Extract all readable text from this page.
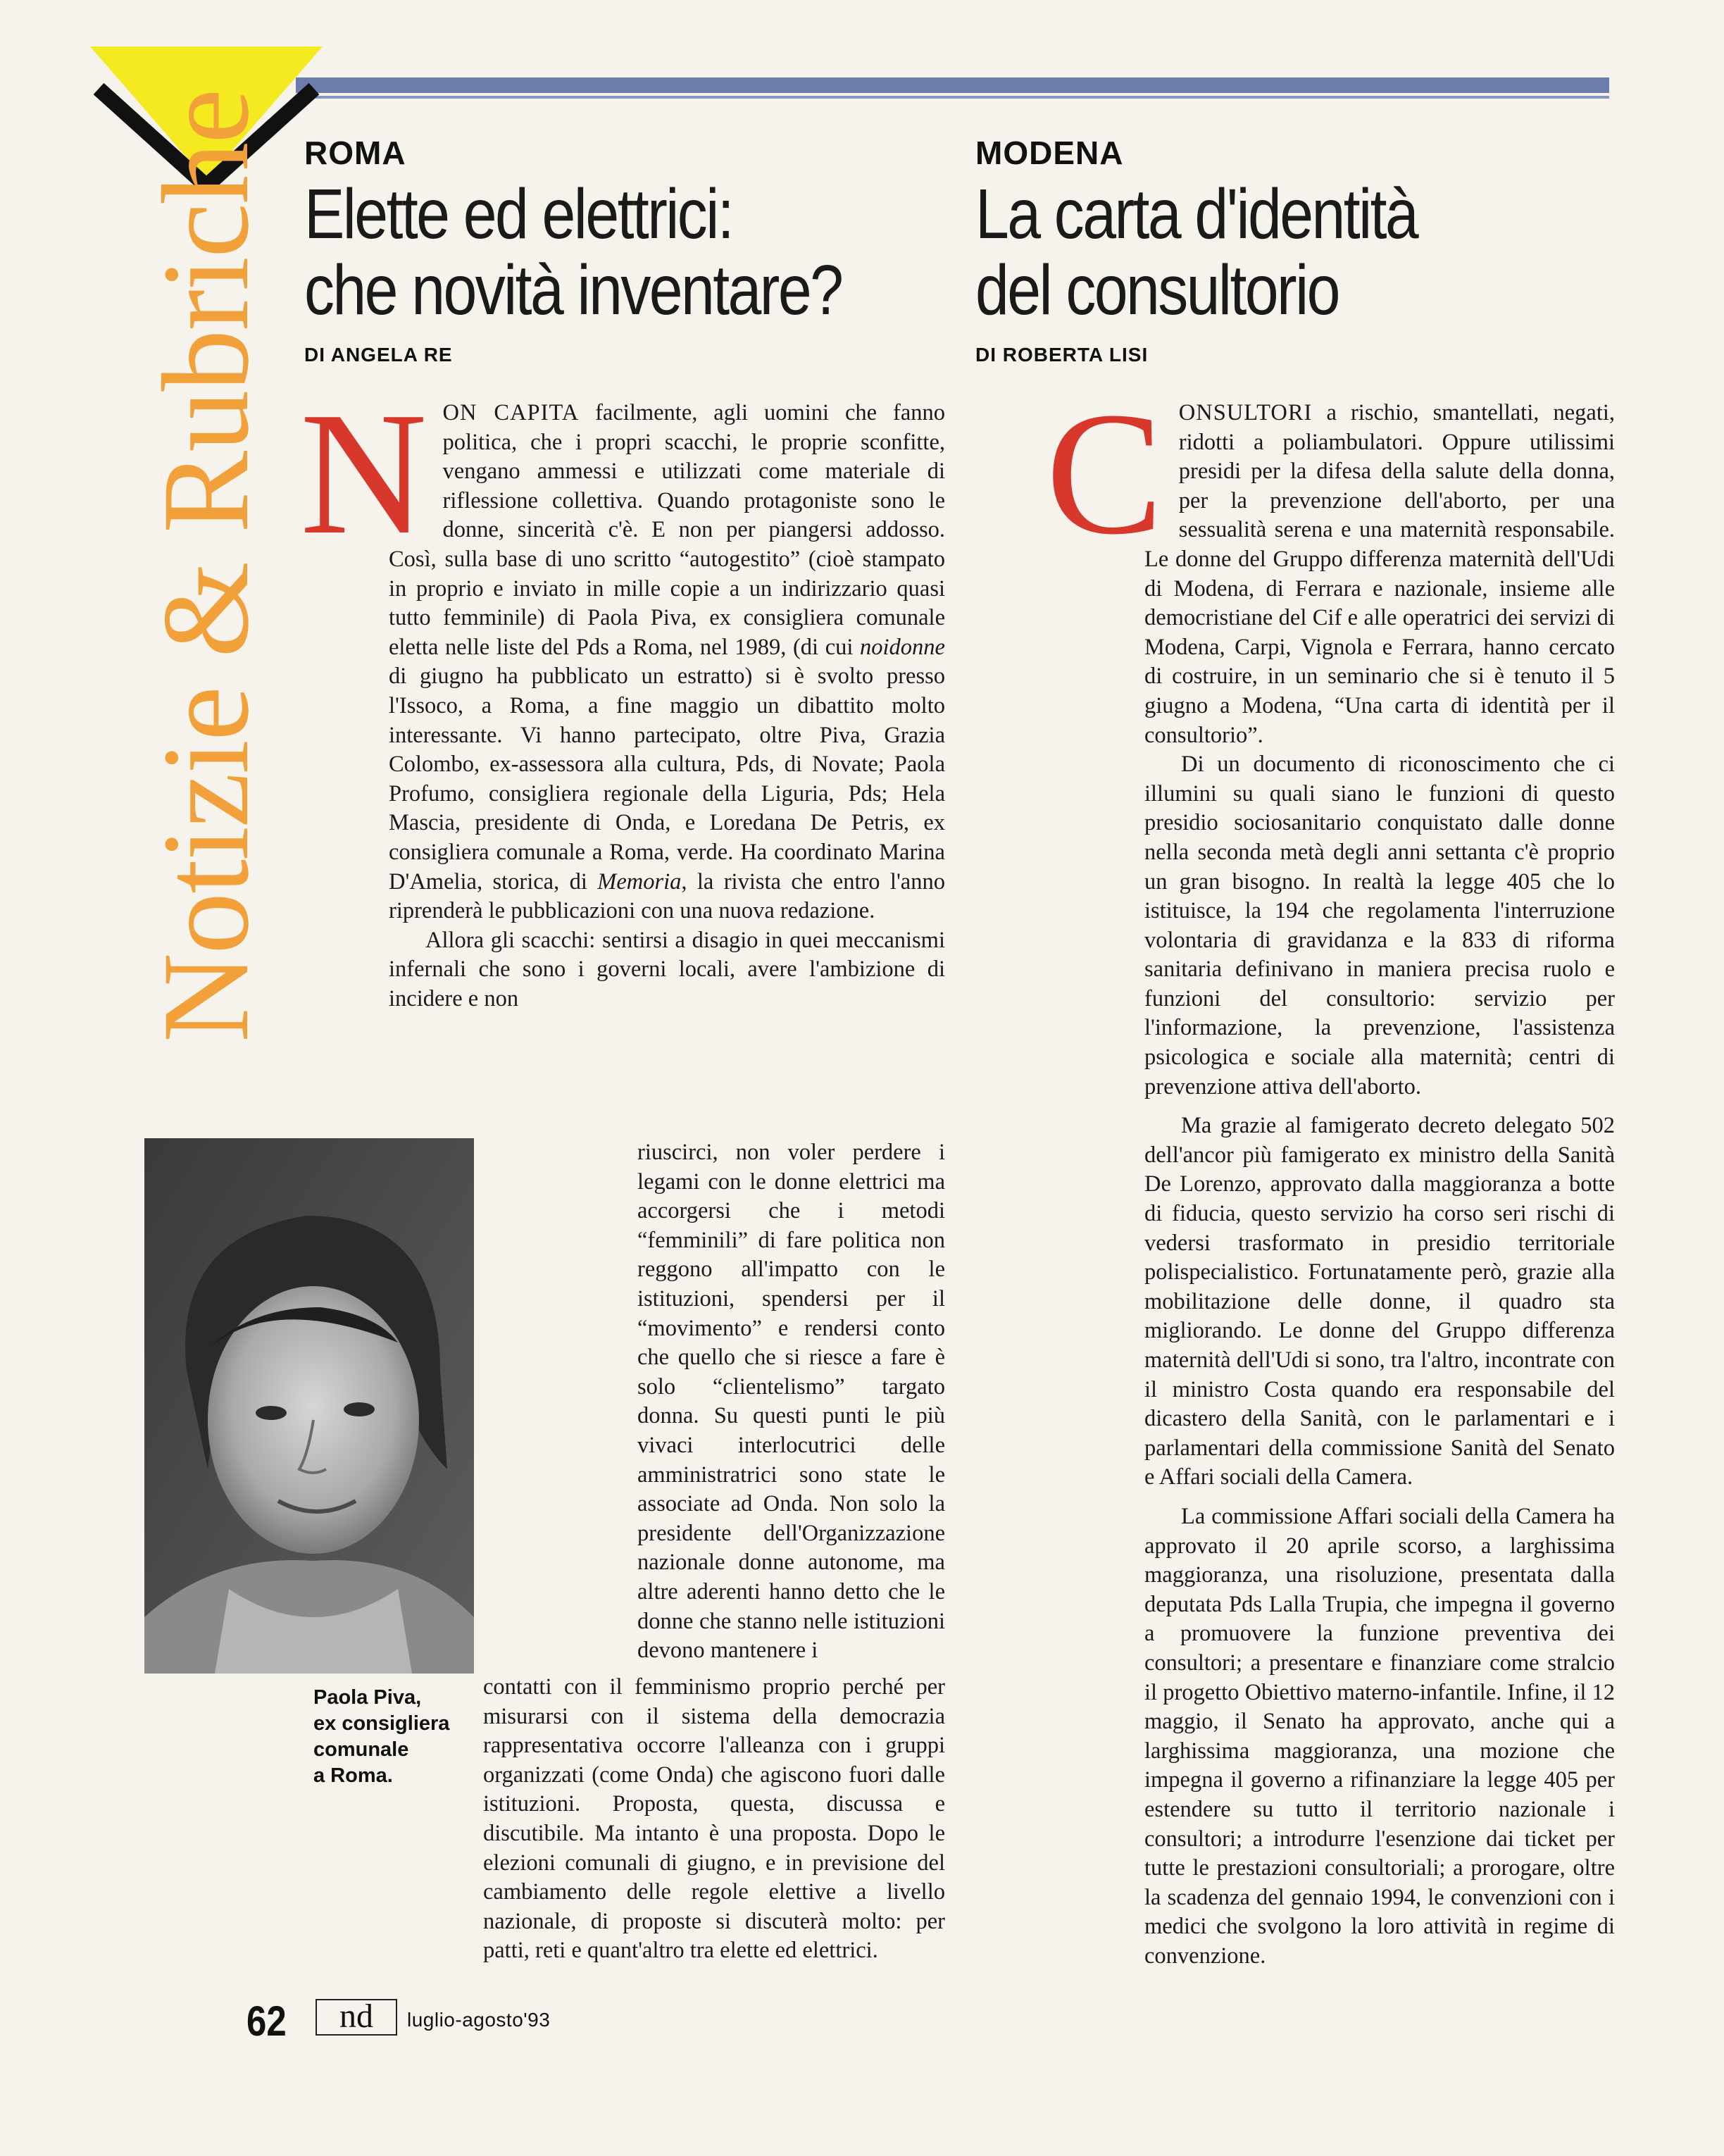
Notizie & Rubriche ROMA
Elette ed elettrici:
che novità inventare?
DI ANGELA RE

NON CAPITA facilmente, agli uomini che fanno politica, che i propri scacchi, le proprie sconfitte, vengano ammessi e utilizzati come materiale di riflessione collettiva. Quando protagoniste sono le donne, sincerità c'è. E non per piangersi addosso. Così, sulla base di uno scritto “autogestito” (cioè stampato in proprio e inviato in mille copie a un indirizzario quasi tutto femminile) di Paola Piva, ex consigliera comunale eletta nelle liste del Pds a Roma, nel 1989, (di cui noidonne di giugno ha pubblicato un estratto) si è svolto presso l'Issoco, a Roma, a fine maggio un dibattito molto interessante. Vi hanno partecipato, oltre Piva, Grazia Colombo, ex-assessora alla cultura, Pds, di Novate; Paola Profumo, consigliera regionale della Liguria, Pds; Hela Mascia, presidente di Onda, e Loredana De Petris, ex consigliera comunale a Roma, verde. Ha coordinato Marina D'Amelia, storica, di Memoria, la rivista che entro l'anno riprenderà le pubblicazioni con una nuova redazione.

Allora gli scacchi: sentirsi a disagio in quei meccanismi infernali che sono i governi locali, avere l'ambizione di incidere e non

riuscirci, non voler perdere i legami con le donne elettrici ma accorgersi che i metodi “femminili” di fare politica non reggono all'impatto con le istituzioni, spendersi per il “movimento” e rendersi conto che quello che si riesce a fare è solo “clientelismo” targato donna. Su questi punti le più vivaci interlocutrici delle amministratrici sono state le associate ad Onda. Non solo la presidente dell'Organizzazione nazionale donne autonome, ma altre aderenti hanno detto che le donne che stanno nelle istituzioni devono mantenere i

contatti con il femminismo proprio perché per misurarsi con il sistema della democrazia rappresentativa occorre l'alleanza con i gruppi organizzati (come Onda) che agiscono fuori dalle istituzioni. Proposta, questa, discussa e discutibile. Ma intanto è una proposta. Dopo le elezioni comunali di giugno, e in previsione del cambiamento delle regole elettive a livello nazionale, di proposte si discuterà molto: per patti, reti e quant'altro tra elette ed elettrici.

Paola Piva,
ex consigliera
comunale
a Roma.
MODENA
La carta d'identità
del consultorio
DI ROBERTA LISI

CONSULTORI a rischio, smantellati, negati, ridotti a poliambulatori. Oppure utilissimi presidi per la difesa della salute della donna, per la prevenzione dell'aborto, per una sessualità serena e una maternità responsabile. Le donne del Gruppo differenza maternità dell'Udi di Modena, di Ferrara e nazionale, insieme alle democristiane del Cif e alle operatrici dei servizi di Modena, Carpi, Vignola e Ferrara, hanno cercato di costruire, in un seminario che si è tenuto il 5 giugno a Modena, “Una carta di identità per il consultorio”.

Di un documento di riconoscimento che ci illumini su quali siano le funzioni di questo presidio sociosanitario conquistato dalle donne nella seconda metà degli anni settanta c'è proprio un gran bisogno. In realtà la legge 405 che lo istituisce, la 194 che regolamenta l'interruzione volontaria di gravidanza e la 833 di riforma sanitaria definivano in maniera precisa ruolo e funzioni del consultorio: servizio per l'informazione, la prevenzione, l'assistenza psicologica e sociale alla maternità; centri di prevenzione attiva dell'aborto.

Ma grazie al famigerato decreto delegato 502 dell'ancor più famigerato ex ministro della Sanità De Lorenzo, approvato dalla maggioranza a botte di fiducia, questo servizio ha corso seri rischi di vedersi trasformato in presidio territoriale polispecialistico. Fortunatamente però, grazie alla mobilitazione delle donne, il quadro sta migliorando. Le donne del Gruppo differenza maternità dell'Udi si sono, tra l'altro, incontrate con il ministro Costa quando era responsabile del dicastero della Sanità, con le parlamentari e i parlamentari della commissione Sanità del Senato e Affari sociali della Camera.

La commissione Affari sociali della Camera ha approvato il 20 aprile scorso, a larghissima maggioranza, una risoluzione, presentata dalla deputata Pds Lalla Trupia, che impegna il governo a promuovere la funzione preventiva dei consultori; a presentare e finanziare come stralcio il progetto Obiettivo materno-infantile. Infine, il 12 maggio, il Senato ha approvato, anche qui a larghissima maggioranza, una mozione che impegna il governo a rifinanziare la legge 405 per estendere su tutto il territorio nazionale i consultori; a introdurre l'esenzione dai ticket per tutte le prestazioni consultoriali; a prorogare, oltre la scadenza del gennaio 1994, le convenzioni con i medici che svolgono la loro attività in regime di convenzione.

62	nd	luglio-agosto'93
